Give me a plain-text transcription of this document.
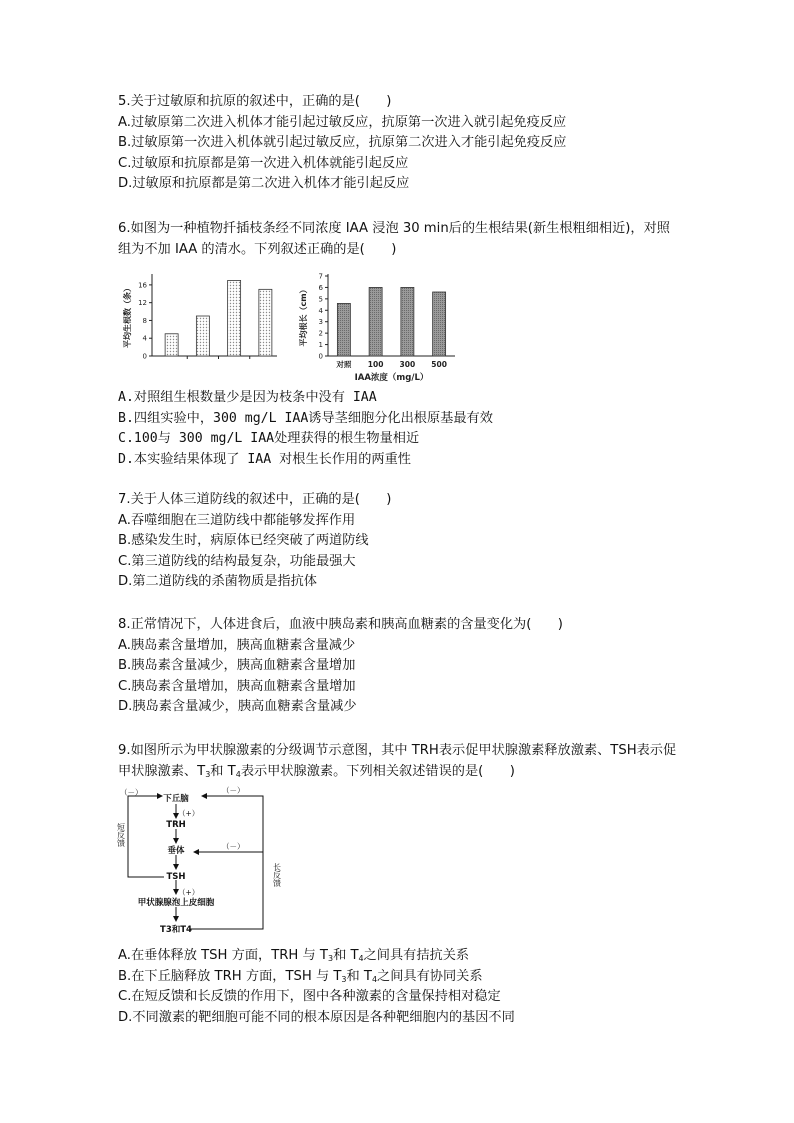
5.关于过敏原和抗原的叙述中，正确的是(　　)

A.过敏原第二次进入机体才能引起过敏反应，抗原第一次进入就引起免疫反应

B.过敏原第一次进入机体就引起过敏反应，抗原第二次进入才能引起免疫反应

C.过敏原和抗原都是第一次进入机体就能引起反应

D.过敏原和抗原都是第二次进入机体才能引起反应

6.如图为一种植物扦插枝条经不同浓度 IAA 浸泡 30 min后的生根结果(新生根粗细相近)，对照

组为不加 IAA 的清水。下列叙述正确的是(　　)

0
4
8
12
16
平均生根数（条）
0
1
2
3
4
5
6
7
平均根长（cm）
对照 100 300 500
IAA浓度（mg/L）

A.对照组生根数量少是因为枝条中没有 IAA

B.四组实验中，300 mg/L IAA诱导茎细胞分化出根原基最有效

C.100与 300 mg/L IAA处理获得的根生物量相近

D.本实验结果体现了 IAA 对根生长作用的两重性

7.关于人体三道防线的叙述中，正确的是(　　)

A.吞噬细胞在三道防线中都能够发挥作用

B.感染发生时，病原体已经突破了两道防线

C.第三道防线的结构最复杂，功能最强大

D.第二道防线的杀菌物质是指抗体

8.正常情况下，人体进食后，血液中胰岛素和胰高血糖素的含量变化为(　　)

A.胰岛素含量增加，胰高血糖素含量减少

B.胰岛素含量减少，胰高血糖素含量增加

C.胰岛素含量增加，胰高血糖素含量增加

D.胰岛素含量减少，胰高血糖素含量减少

9.如图所示为甲状腺激素的分级调节示意图，其中 TRH表示促甲状腺激素释放激素、TSH表示促

甲状腺激素、$T_3$和 $T_4$表示甲状腺激素。下列相关叙述错误的是(　　)

下丘脑
TRH
垂体
TSH
甲状腺腺泡上皮细胞
T3和T4
（+）
（+）
（－）	（－）
（－）
短反馈
长反馈

A.在垂体释放 TSH 方面，TRH 与 $T_3$和 $T_4$之间具有拮抗关系

B.在下丘脑释放 TRH 方面，TSH 与 $T_3$和 $T_4$之间具有协同关系

C.在短反馈和长反馈的作用下，图中各种激素的含量保持相对稳定

D.不同激素的靶细胞可能不同的根本原因是各种靶细胞内的基因不同
